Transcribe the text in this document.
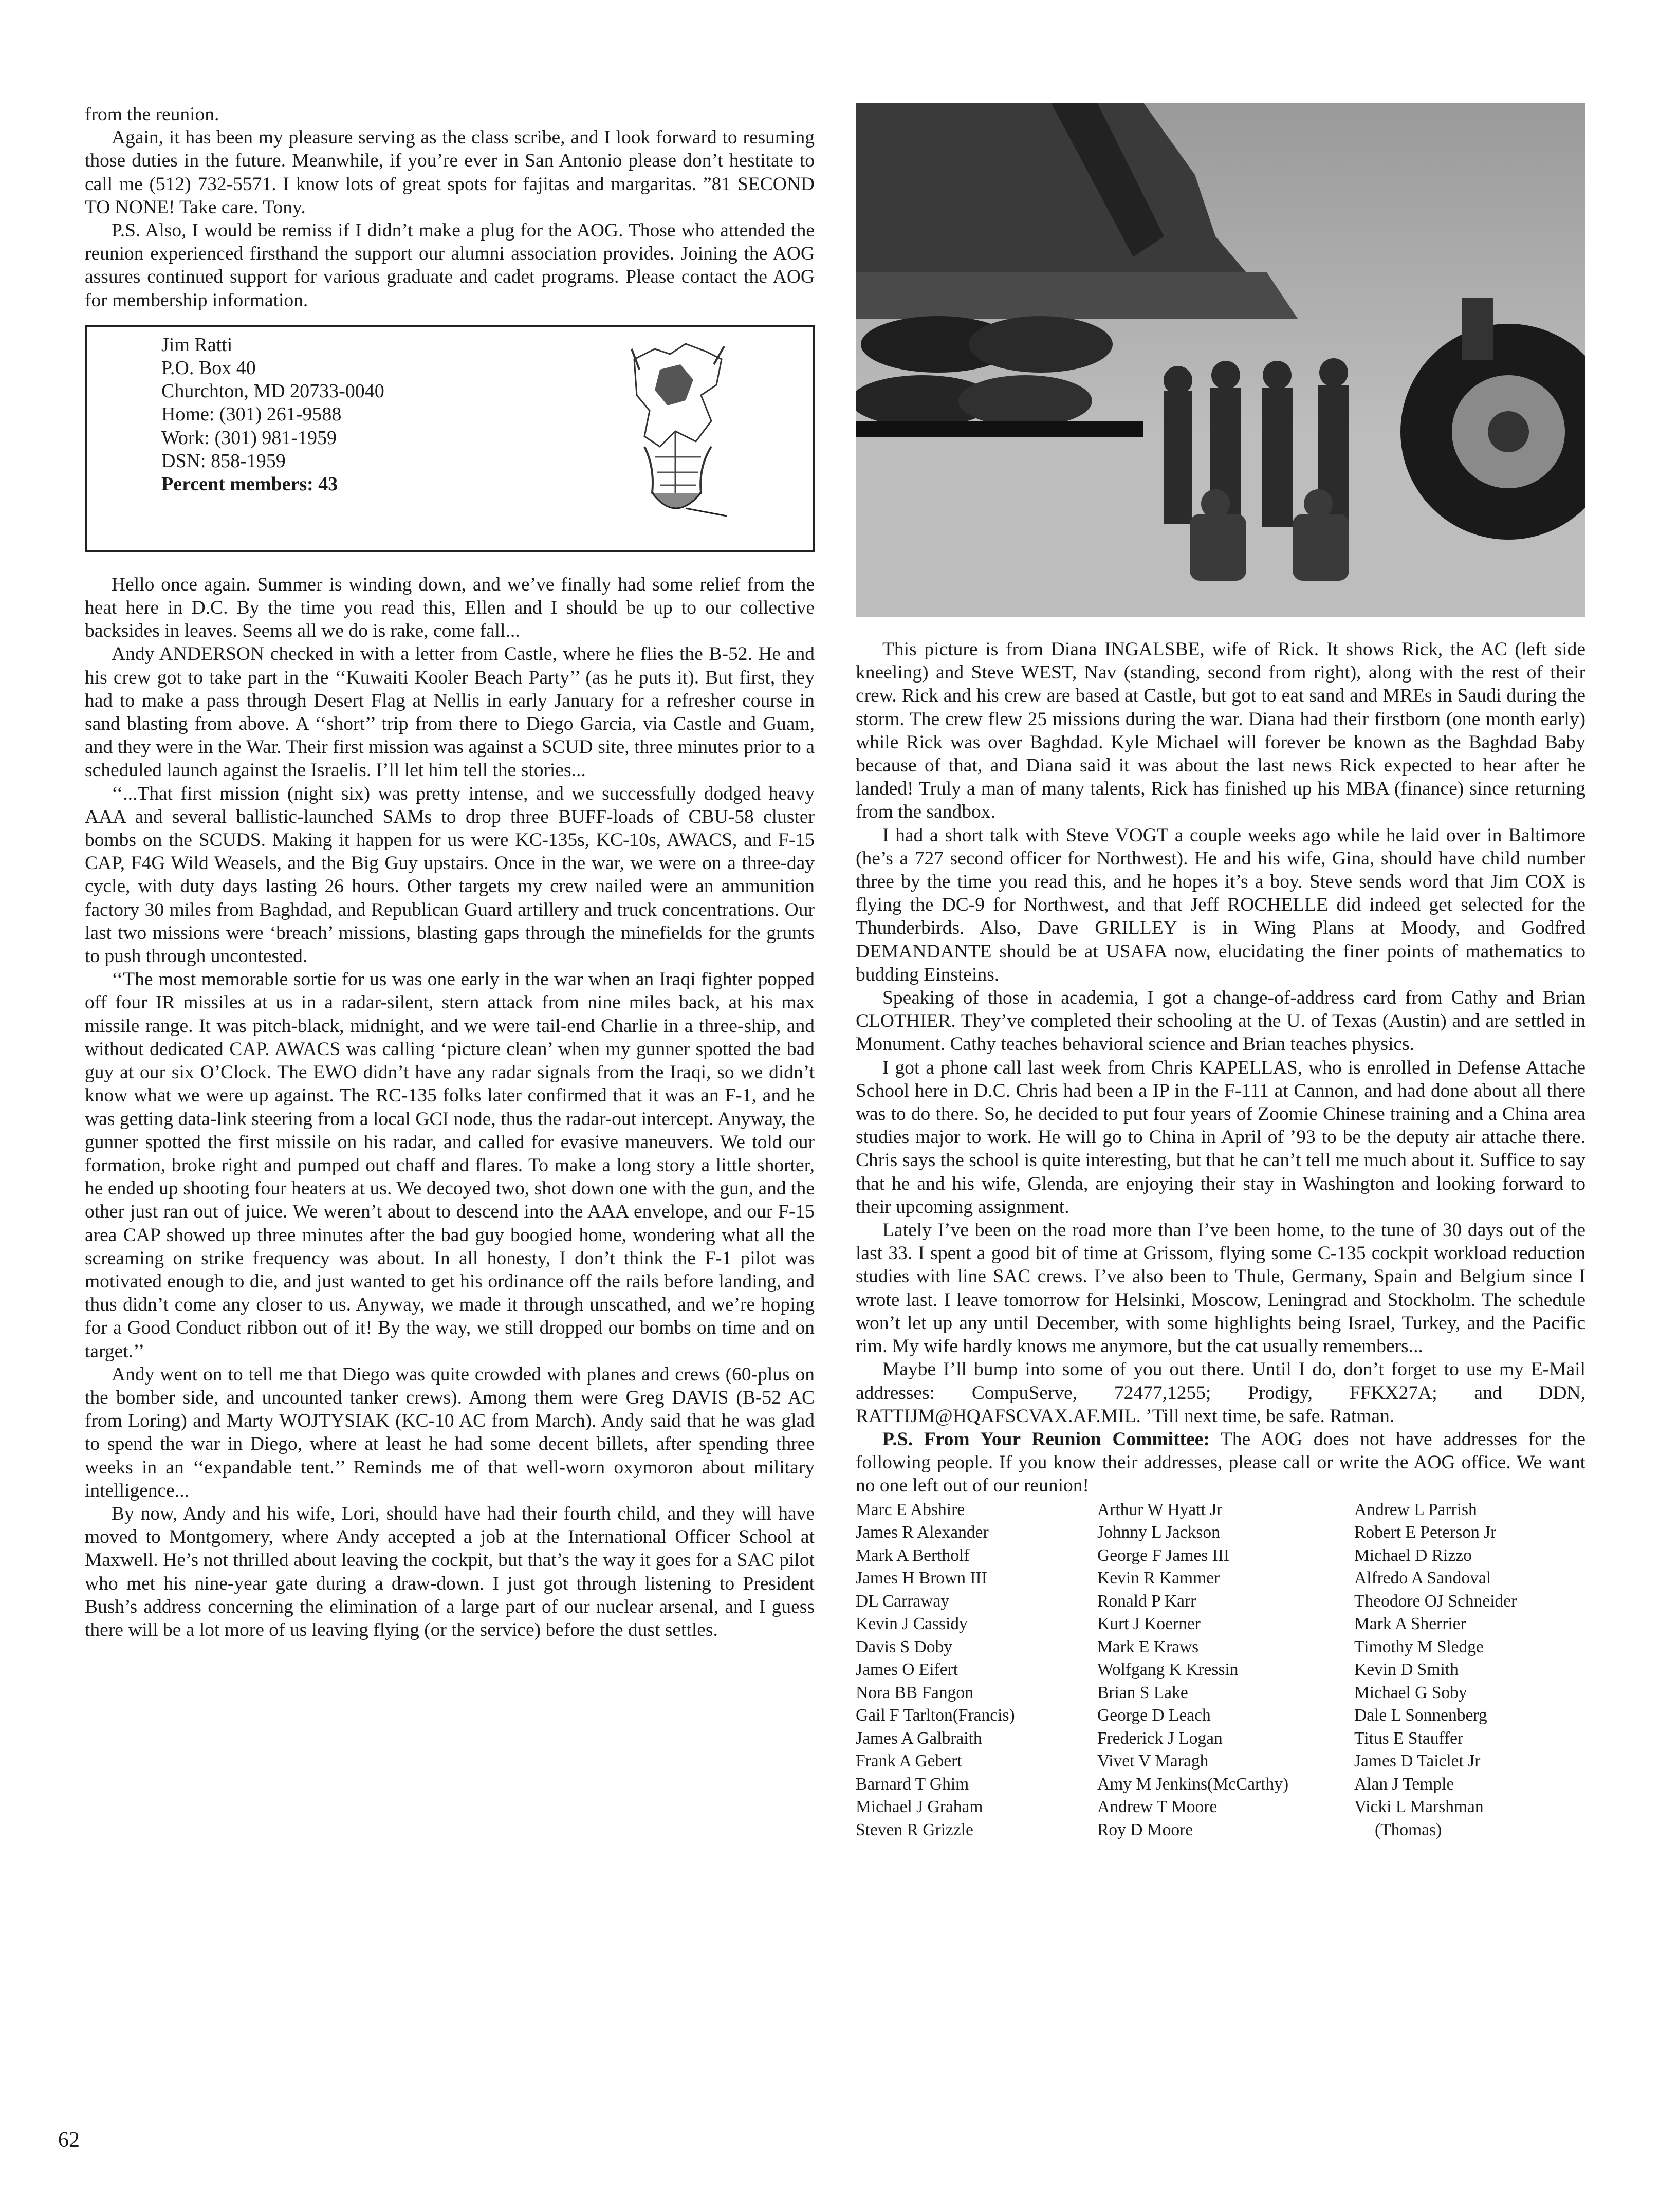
from the reunion.

Again, it has been my pleasure serving as the class scribe, and I look forward to resuming those duties in the future. Meanwhile, if you’re ever in San Antonio please don’t hestitate to call me (512) 732-5571. I know lots of great spots for fajitas and margaritas. ”81 SECOND TO NONE! Take care. Tony.

P.S. Also, I would be remiss if I didn’t make a plug for the AOG. Those who attended the reunion experienced firsthand the support our alumni association provides. Joining the AOG assures continued support for various graduate and cadet programs. Please contact the AOG for membership information.

Jim Ratti
P.O. Box 40
Churchton, MD 20733-0040
Home: (301) 261-9588
Work: (301) 981-1959
DSN: 858-1959
Percent members: 43

Hello once again. Summer is winding down, and we’ve finally had some relief from the heat here in D.C. By the time you read this, Ellen and I should be up to our collective backsides in leaves. Seems all we do is rake, come fall...

Andy ANDERSON checked in with a letter from Castle, where he flies the B-52. He and his crew got to take part in the ‘‘Kuwaiti Kooler Beach Party’’ (as he puts it). But first, they had to make a pass through Desert Flag at Nellis in early January for a refresher course in sand blasting from above. A ‘‘short’’ trip from there to Diego Garcia, via Castle and Guam, and they were in the War. Their first mission was against a SCUD site, three minutes prior to a scheduled launch against the Israelis. I’ll let him tell the stories...

‘‘...That first mission (night six) was pretty intense, and we successfully dodged heavy AAA and several ballistic-launched SAMs to drop three BUFF-loads of CBU-58 cluster bombs on the SCUDS. Making it happen for us were KC-135s, KC-10s, AWACS, and F-15 CAP, F4G Wild Weasels, and the Big Guy upstairs. Once in the war, we were on a three-day cycle, with duty days lasting 26 hours. Other targets my crew nailed were an ammunition factory 30 miles from Baghdad, and Republican Guard artillery and truck concentrations. Our last two missions were ‘breach’ missions, blasting gaps through the minefields for the grunts to push through uncontested.

‘‘The most memorable sortie for us was one early in the war when an Iraqi fighter popped off four IR missiles at us in a radar-silent, stern attack from nine miles back, at his max missile range. It was pitch-black, midnight, and we were tail-end Charlie in a three-ship, and without dedicated CAP. AWACS was calling ‘picture clean’ when my gunner spotted the bad guy at our six O’Clock. The EWO didn’t have any radar signals from the Iraqi, so we didn’t know what we were up against. The RC-135 folks later confirmed that it was an F-1, and he was getting data-link steering from a local GCI node, thus the radar-out intercept. Anyway, the gunner spotted the first missile on his radar, and called for evasive maneuvers. We told our formation, broke right and pumped out chaff and flares. To make a long story a little shorter, he ended up shooting four heaters at us. We decoyed two, shot down one with the gun, and the other just ran out of juice. We weren’t about to descend into the AAA envelope, and our F-15 area CAP showed up three minutes after the bad guy boogied home, wondering what all the screaming on strike frequency was about. In all honesty, I don’t think the F-1 pilot was motivated enough to die, and just wanted to get his ordinance off the rails before landing, and thus didn’t come any closer to us. Anyway, we made it through unscathed, and we’re hoping for a Good Conduct ribbon out of it! By the way, we still dropped our bombs on time and on target.’’

Andy went on to tell me that Diego was quite crowded with planes and crews (60-plus on the bomber side, and uncounted tanker crews). Among them were Greg DAVIS (B-52 AC from Loring) and Marty WOJTYSIAK (KC-10 AC from March). Andy said that he was glad to spend the war in Diego, where at least he had some decent billets, after spending three weeks in an ‘‘expandable tent.’’ Reminds me of that well-worn oxymoron about military intelligence...

By now, Andy and his wife, Lori, should have had their fourth child, and they will have moved to Montgomery, where Andy accepted a job at the International Officer School at Maxwell. He’s not thrilled about leaving the cockpit, but that’s the way it goes for a SAC pilot who met his nine-year gate during a draw-down. I just got through listening to President Bush’s address concerning the elimination of a large part of our nuclear arsenal, and I guess there will be a lot more of us leaving flying (or the service) before the dust settles.

This picture is from Diana INGALSBE, wife of Rick. It shows Rick, the AC (left side kneeling) and Steve WEST, Nav (standing, second from right), along with the rest of their crew. Rick and his crew are based at Castle, but got to eat sand and MREs in Saudi during the storm. The crew flew 25 missions during the war. Diana had their firstborn (one month early) while Rick was over Baghdad. Kyle Michael will forever be known as the Baghdad Baby because of that, and Diana said it was about the last news Rick expected to hear after he landed! Truly a man of many talents, Rick has finished up his MBA (finance) since returning from the sandbox.

I had a short talk with Steve VOGT a couple weeks ago while he laid over in Baltimore (he’s a 727 second officer for Northwest). He and his wife, Gina, should have child number three by the time you read this, and he hopes it’s a boy. Steve sends word that Jim COX is flying the DC-9 for Northwest, and that Jeff ROCHELLE did indeed get selected for the Thunderbirds. Also, Dave GRILLEY is in Wing Plans at Moody, and Godfred DEMANDANTE should be at USAFA now, elucidating the finer points of mathematics to budding Einsteins.

Speaking of those in academia, I got a change-of-address card from Cathy and Brian CLOTHIER. They’ve completed their schooling at the U. of Texas (Austin) and are settled in Monument. Cathy teaches behavioral science and Brian teaches physics.

I got a phone call last week from Chris KAPELLAS, who is enrolled in Defense Attache School here in D.C. Chris had been a IP in the F-111 at Cannon, and had done about all there was to do there. So, he decided to put four years of Zoomie Chinese training and a China area studies major to work. He will go to China in April of ’93 to be the deputy air attache there. Chris says the school is quite interesting, but that he can’t tell me much about it. Suffice to say that he and his wife, Glenda, are enjoying their stay in Washington and looking forward to their upcoming assignment.

Lately I’ve been on the road more than I’ve been home, to the tune of 30 days out of the last 33. I spent a good bit of time at Grissom, flying some C-135 cockpit workload reduction studies with line SAC crews. I’ve also been to Thule, Germany, Spain and Belgium since I wrote last. I leave tomorrow for Helsinki, Moscow, Leningrad and Stockholm. The schedule won’t let up any until December, with some highlights being Israel, Turkey, and the Pacific rim. My wife hardly knows me anymore, but the cat usually remembers...

Maybe I’ll bump into some of you out there. Until I do, don’t forget to use my E-Mail addresses: CompuServe, 72477,1255; Prodigy, FFKX27A; and DDN, RATTIJM@HQAFSCVAX.AF.MIL. ’Till next time, be safe. Ratman.

P.S. From Your Reunion Committee: The AOG does not have addresses for the following people. If you know their addresses, please call or write the AOG office. We want no one left out of our reunion!

Marc E Abshire
James R Alexander
Mark A Bertholf
James H Brown III
DL Carraway
Kevin J Cassidy
Davis S Doby
James O Eifert
Nora BB Fangon
Gail F Tarlton(Francis)
James A Galbraith
Frank A Gebert
Barnard T Ghim
Michael J Graham
Steven R Grizzle
Arthur W Hyatt Jr
Johnny L Jackson
George F James III
Kevin R Kammer
Ronald P Karr
Kurt J Koerner
Mark E Kraws
Wolfgang K Kressin
Brian S Lake
George D Leach
Frederick J Logan
Vivet V Maragh
Amy M Jenkins(McCarthy)
Andrew T Moore
Roy D Moore
Andrew L Parrish
Robert E Peterson Jr
Michael D Rizzo
Alfredo A Sandoval
Theodore OJ Schneider
Mark A Sherrier
Timothy M Sledge
Kevin D Smith
Michael G Soby
Dale L Sonnenberg
Titus E Stauffer
James D Taiclet Jr
Alan J Temple
Vicki L Marshman
(Thomas)
62
